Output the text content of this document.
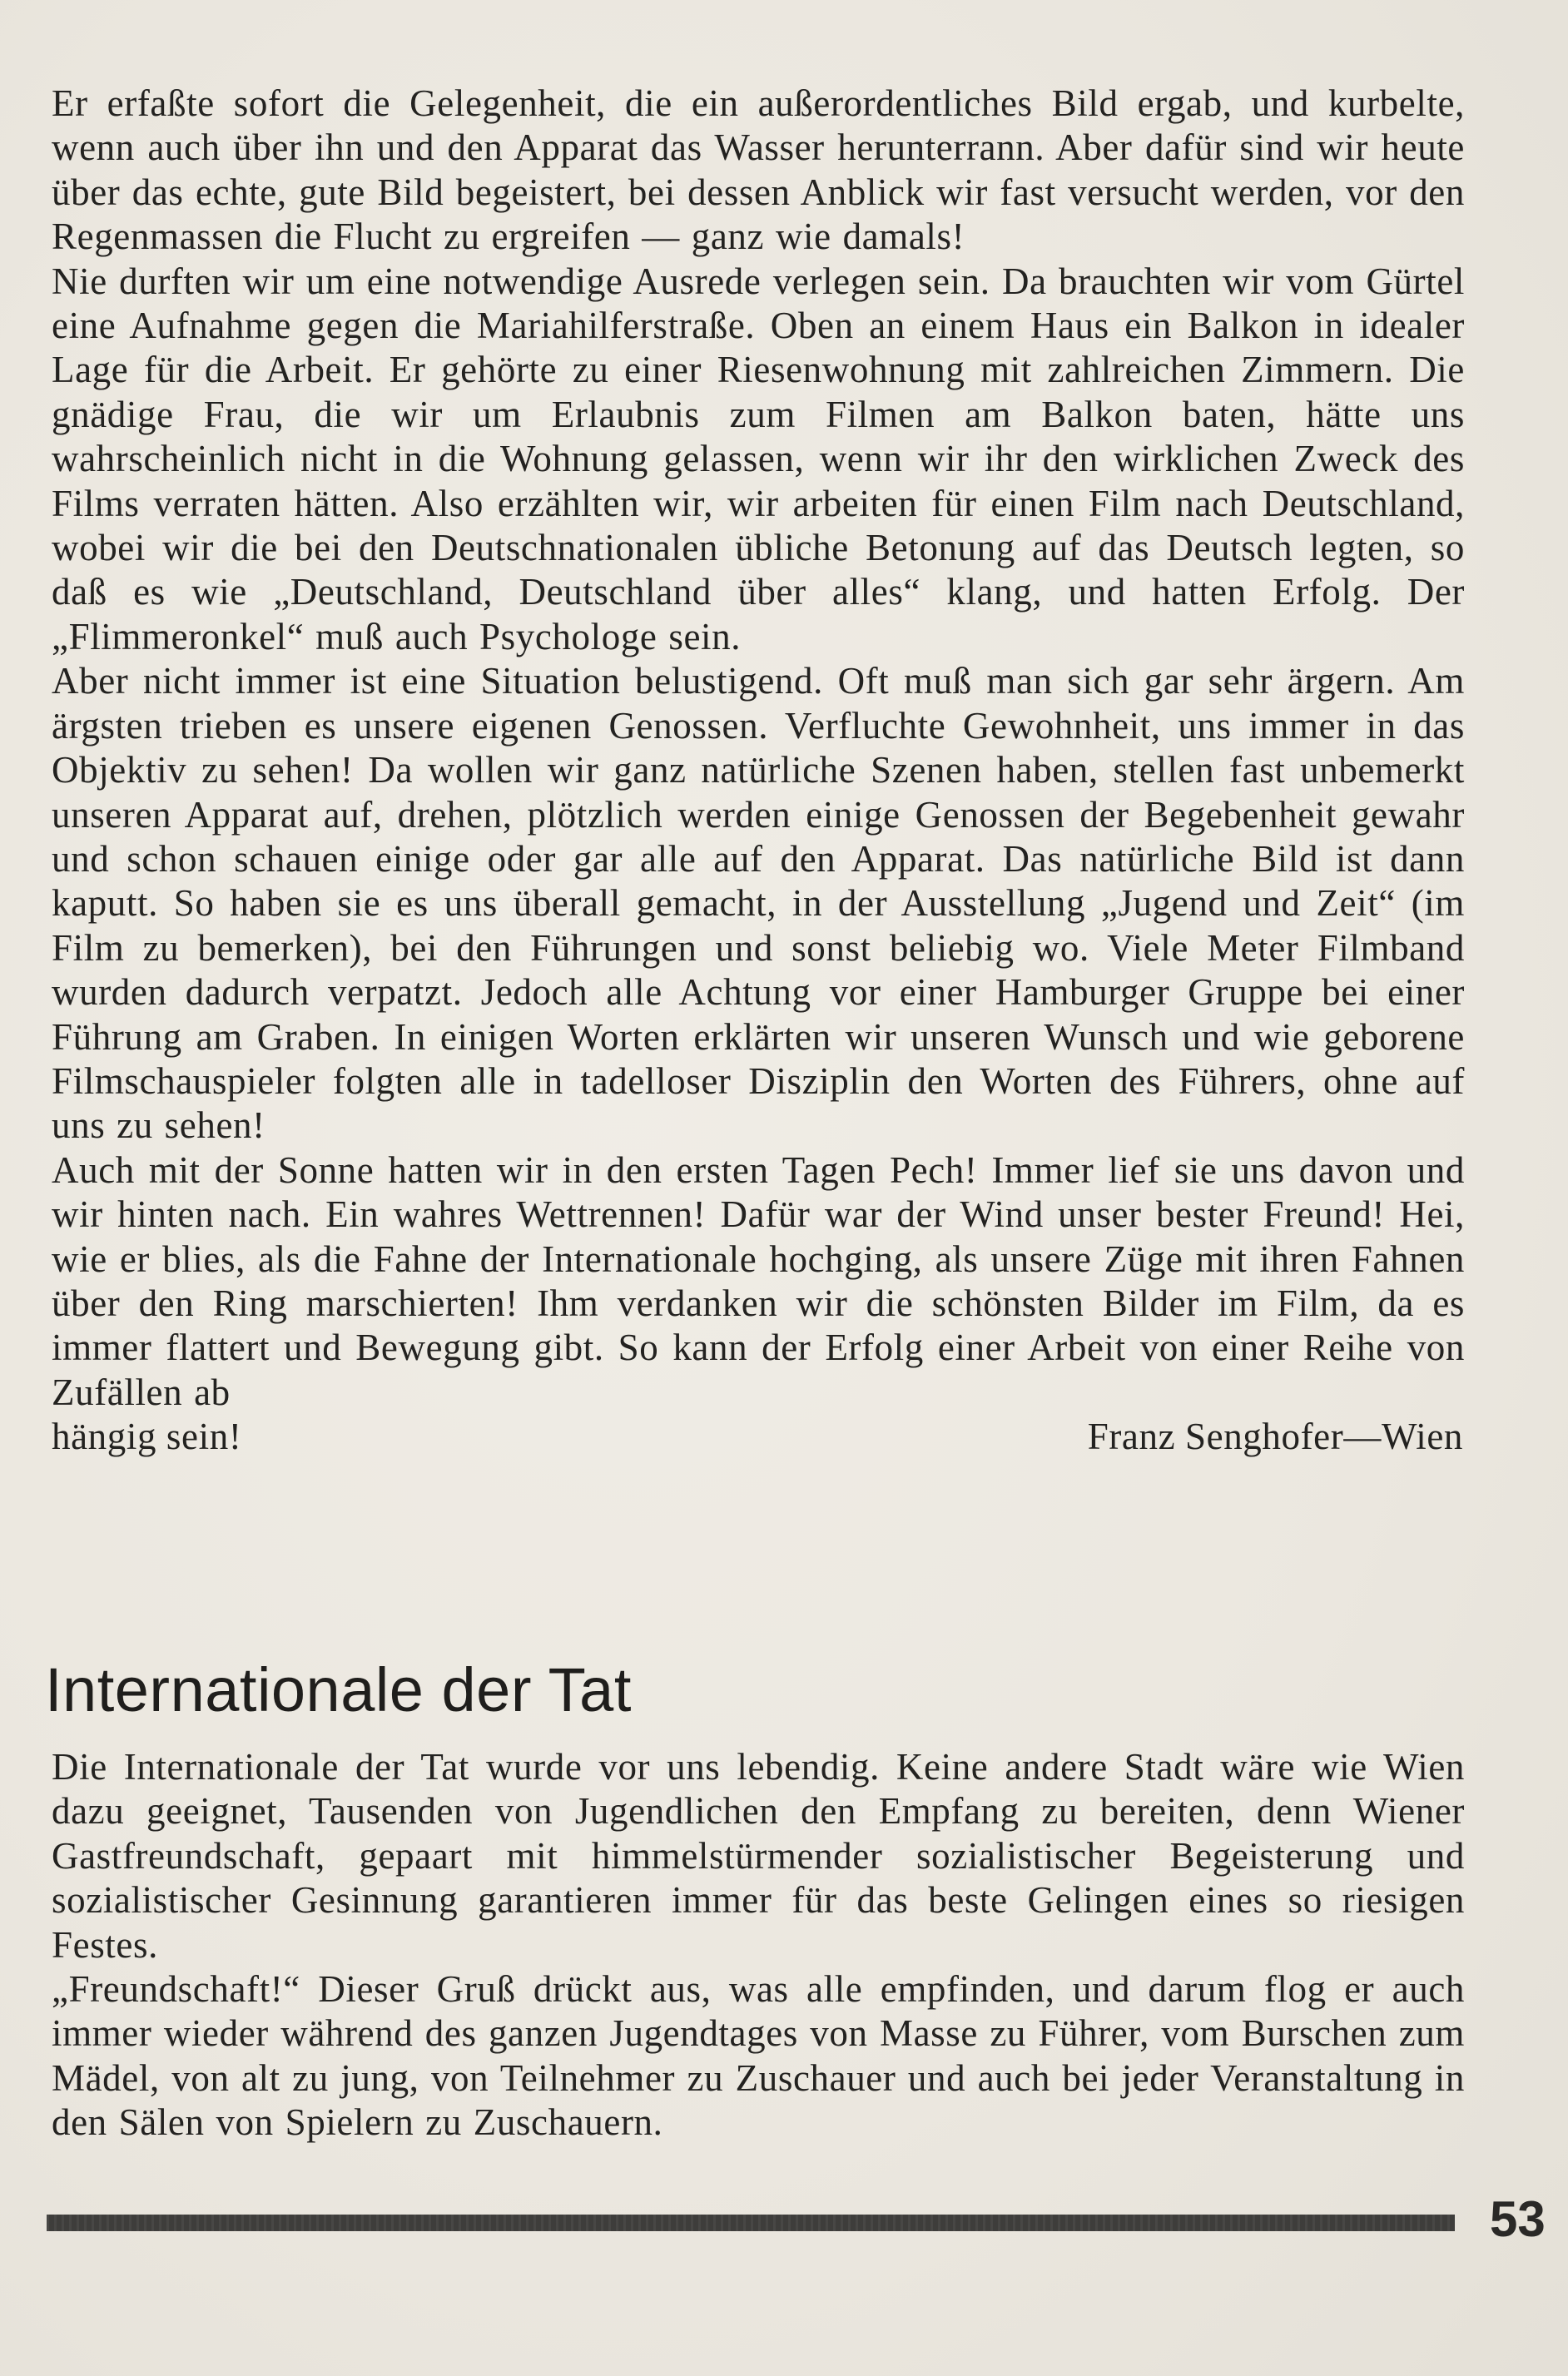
Er erfaßte sofort die Gelegenheit, die ein außerordentliches Bild ergab, und kurbelte, wenn auch über ihn und den Apparat das Wasser herunterrann. Aber dafür sind wir heute über das echte, gute Bild begeistert, bei dessen Anblick wir fast versucht werden, vor den Regenmassen die Flucht zu ergreifen — ganz wie damals!

Nie durften wir um eine notwendige Ausrede verlegen sein. Da brauchten wir vom Gürtel eine Aufnahme gegen die Mariahilferstraße. Oben an einem Haus ein Balkon in idealer Lage für die Arbeit. Er gehörte zu einer Riesenwohnung mit zahlreichen Zimmern. Die gnädige Frau, die wir um Erlaubnis zum Filmen am Balkon baten, hätte uns wahrscheinlich nicht in die Wohnung gelassen, wenn wir ihr den wirklichen Zweck des Films verraten hätten. Also erzählten wir, wir arbeiten für einen Film nach Deutschland, wobei wir die bei den Deutschnationalen übliche Betonung auf das Deutsch legten, so daß es wie „Deutschland, Deutschland über alles“ klang, und hatten Erfolg. Der „Flimmeronkel“ muß auch Psychologe sein.

Aber nicht immer ist eine Situation belustigend. Oft muß man sich gar sehr ärgern. Am ärgsten trieben es unsere eigenen Genossen. Verfluchte Gewohnheit, uns immer in das Objektiv zu sehen! Da wollen wir ganz natürliche Szenen haben, stellen fast unbemerkt unseren Apparat auf, drehen, plötzlich werden einige Genossen der Begebenheit gewahr und schon schauen einige oder gar alle auf den Apparat. Das natürliche Bild ist dann kaputt. So haben sie es uns überall gemacht, in der Ausstellung „Jugend und Zeit“ (im Film zu bemerken), bei den Führungen und sonst beliebig wo. Viele Meter Filmband wurden dadurch verpatzt. Jedoch alle Achtung vor einer Hamburger Gruppe bei einer Führung am Graben. In einigen Worten erklärten wir unseren Wunsch und wie geborene Filmschauspieler folgten alle in tadelloser Disziplin den Worten des Führers, ohne auf uns zu sehen!

Auch mit der Sonne hatten wir in den ersten Tagen Pech! Immer lief sie uns davon und wir hinten nach. Ein wahres Wettrennen! Dafür war der Wind unser bester Freund! Hei, wie er blies, als die Fahne der Internationale hochging, als unsere Züge mit ihren Fahnen über den Ring marschierten! Ihm verdanken wir die schönsten Bilder im Film, da es immer flattert und Bewegung gibt. So kann der Erfolg einer Arbeit von einer Reihe von Zufällen ab

hängig sein!	Franz Senghofer—Wien
Internationale der Tat

Die Internationale der Tat wurde vor uns lebendig. Keine andere Stadt wäre wie Wien dazu geeignet, Tausenden von Jugendlichen den Empfang zu bereiten, denn Wiener Gastfreundschaft, gepaart mit himmelstürmender sozialistischer Begeisterung und sozialistischer Gesinnung garantieren immer für das beste Gelingen eines so riesigen Festes.

„Freundschaft!“ Dieser Gruß drückt aus, was alle empfinden, und darum flog er auch immer wieder während des ganzen Jugendtages von Masse zu Führer, vom Burschen zum Mädel, von alt zu jung, von Teilnehmer zu Zuschauer und auch bei jeder Veranstaltung in den Sälen von Spielern zu Zuschauern.

53
